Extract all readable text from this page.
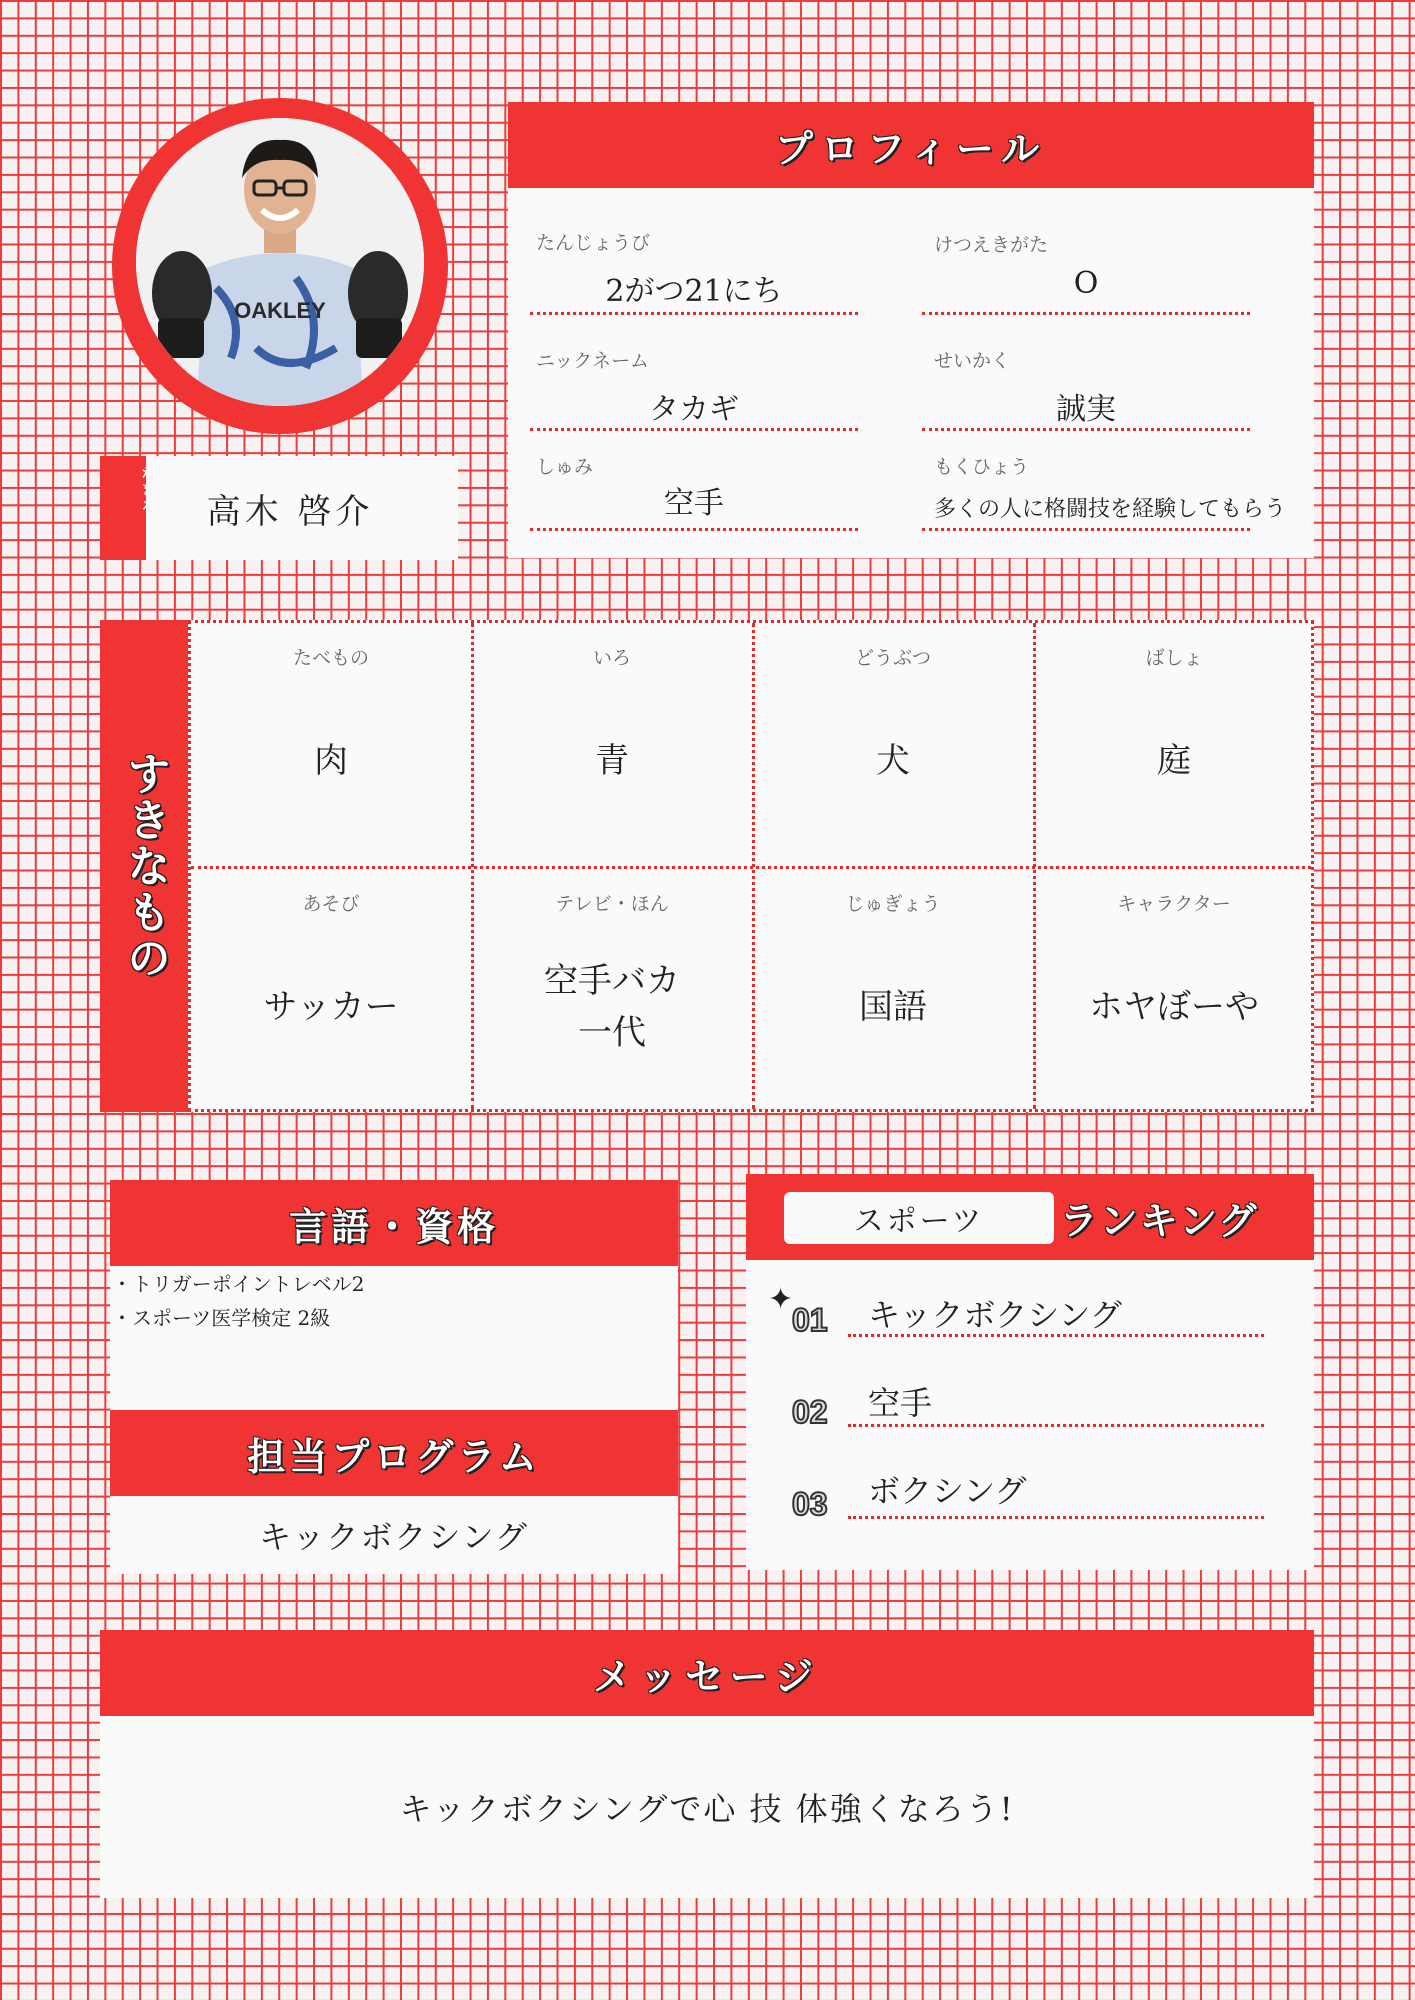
OAKLEY
高木 啓介
プロフィール
たんじょうび
2がつ21にち
ニックネーム
タカギ
しゅみ
空手
けつえきがた
O
せいかく
誠実
もくひょう
多くの人に格闘技を経験してもらう
すきなもの
たべもの
肉
いろ
青
どうぶつ
犬
ばしょ
庭
あそび
サッカー
テレビ・ほん
空手バカ
一代
じゅぎょう
国語
キャラクター
ホヤぼーや
言語・資格
・トリガーポイントレベル2
・スポーツ医学検定 2級
担当プログラム
キックボクシング
スポーツ	ランキング
✦
01 キックボクシング
02 空手
03 ボクシング
メッセージ
キックボクシングで心 技 体強くなろう!
